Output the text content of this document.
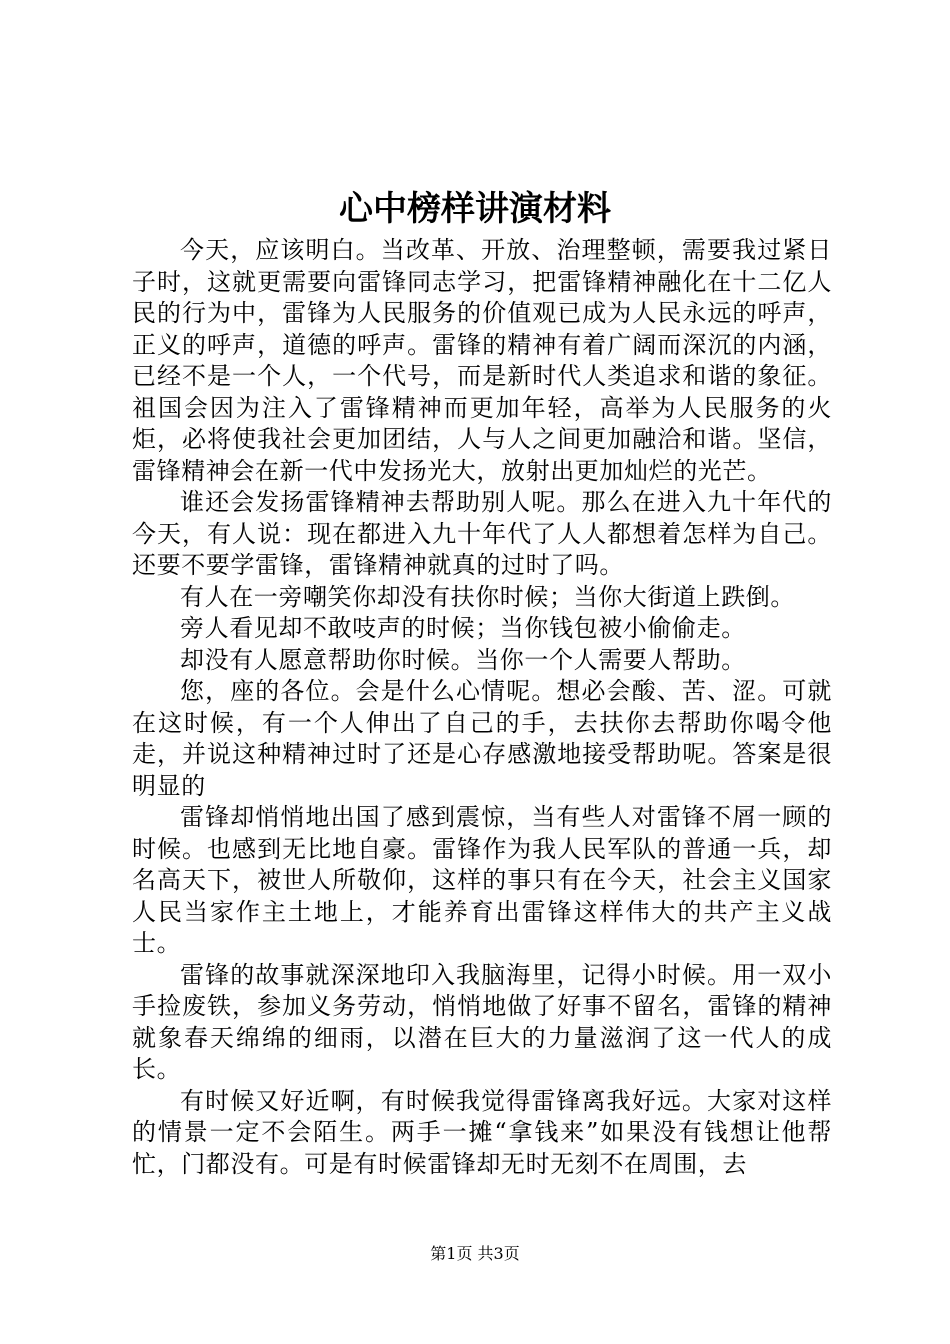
心中榜样讲演材料

今天，应该明白。当改革、开放、治理整顿，需要我过紧日子时，这就更需要向雷锋同志学习，把雷锋精神融化在十二亿人民的行为中，雷锋为人民服务的价值观已成为人民永远的呼声，正义的呼声，道德的呼声。雷锋的精神有着广阔而深沉的内涵，已经不是一个人，一个代号，而是新时代人类追求和谐的象征。祖国会因为注入了雷锋精神而更加年轻，高举为人民服务的火炬，必将使我社会更加团结，人与人之间更加融洽和谐。坚信，雷锋精神会在新一代中发扬光大，放射出更加灿烂的光芒。

谁还会发扬雷锋精神去帮助别人呢。那么在进入九十年代的今天，有人说：现在都进入九十年代了人人都想着怎样为自己。还要不要学雷锋，雷锋精神就真的过时了吗。

有人在一旁嘲笑你却没有扶你时候；当你大街道上跌倒。

旁人看见却不敢吱声的时候；当你钱包被小偷偷走。

却没有人愿意帮助你时候。当你一个人需要人帮助。

您，座的各位。会是什么心情呢。想必会酸、苦、涩。可就在这时候，有一个人伸出了自己的手，去扶你去帮助你喝令他走，并说这种精神过时了还是心存感激地接受帮助呢。答案是很明显的

雷锋却悄悄地出国了感到震惊，当有些人对雷锋不屑一顾的时候。也感到无比地自豪。雷锋作为我人民军队的普通一兵，却名高天下，被世人所敬仰，这样的事只有在今天，社会主义国家人民当家作主土地上，才能养育出雷锋这样伟大的共产主义战士。

雷锋的故事就深深地印入我脑海里，记得小时候。用一双小手捡废铁，参加义务劳动，悄悄地做了好事不留名，雷锋的精神就象春天绵绵的细雨，以潜在巨大的力量滋润了这一代人的成长。

有时候又好近啊，有时候我觉得雷锋离我好远。大家对这样的情景一定不会陌生。两手一摊“拿钱来”如果没有钱想让他帮忙，门都没有。可是有时候雷锋却无时无刻不在周围，去

第1页 共3页
